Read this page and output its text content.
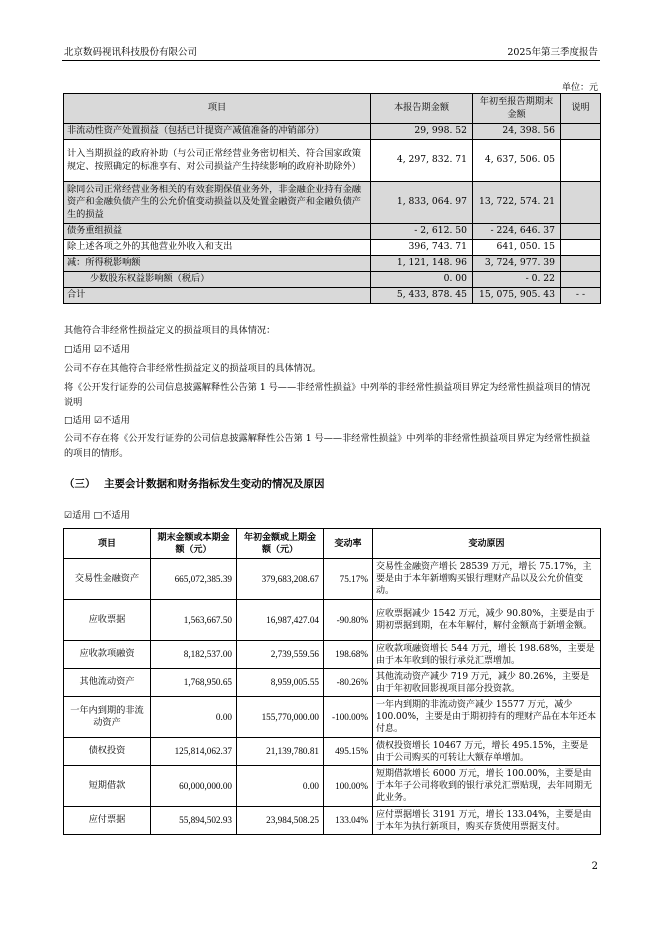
北京数码视讯科技股份有限公司	2025年第三季度报告
单位：元
项目	本报告期金额	年初至报告期期末金额	说明
非流动性资产处置损益（包括已计提资产减值准备的冲销部分）	29, 998. 52	24, 398. 56	
计入当期损益的政府补助（与公司正常经营业务密切相关、符合国家政策规定、按照确定的标准享有、对公司损益产生持续影响的政府补助除外）	4, 297, 832. 71	4, 637, 506. 05	
除同公司正常经营业务相关的有效套期保值业务外，非金融企业持有金融资产和金融负债产生的公允价值变动损益以及处置金融资产和金融负债产生的损益	1, 833, 064. 97	13, 722, 574. 21	
债务重组损益	- 2, 612. 50	- 224, 646. 37	
除上述各项之外的其他营业外收入和支出	396, 743. 71	641, 050. 15	
减：所得税影响额	1, 121, 148. 96	3, 724, 977. 39	
少数股东权益影响额（税后）	0. 00	- 0. 22	
合计	5, 433, 878. 45	15, 075, 905. 43	- -
其他符合非经常性损益定义的损益项目的具体情况：
□适用 ☑不适用
公司不存在其他符合非经常性损益定义的损益项目的具体情况。
将《公开发行证券的公司信息披露解释性公告第 1 号——非经常性损益》中列举的非经常性损益项目界定为经常性损益项目的情况说明
□适用 ☑不适用
公司不存在将《公开发行证券的公司信息披露解释性公告第 1 号——非经常性损益》中列举的非经常性损益项目界定为经常性损益的项目的情形。
（三） 主要会计数据和财务指标发生变动的情况及原因
☑适用 □不适用
项目	期末金额或本期金额（元）	年初金额或上期金额（元）	变动率	变动原因
交易性金融资产	665,072,385.39	379,683,208.67	75.17%	交易性金融资产增长 28539 万元，增长 75.17%，主要是由于本年新增购买银行理财产品以及公允价值变动。
应收票据	1,563,667.50	16,987,427.04	-90.80%	应收票据减少 1542 万元，减少 90.80%，主要是由于期初票据到期，在本年解付，解付金额高于新增金额。
应收款项融资	8,182,537.00	2,739,559.56	198.68%	应收款项融资增长 544 万元，增长 198.68%，主要是由于本年收到的银行承兑汇票增加。
其他流动资产	1,768,950.65	8,959,005.55	-80.26%	其他流动资产减少 719 万元，减少 80.26%，主要是由于年初收回影视项目部分投资款。
一年内到期的非流动资产	0.00	155,770,000.00	-100.00%	一年内到期的非流动资产减少 15577 万元，减少 100.00%，主要是由于期初持有的理财产品在本年还本付息。
债权投资	125,814,062.37	21,139,780.81	495.15%	债权投资增长 10467 万元，增长 495.15%，主要是由于公司购买的可转让大额存单增加。
短期借款	60,000,000.00	0.00	100.00%	短期借款增长 6000 万元，增长 100.00%，主要是由于本年子公司将收到的银行承兑汇票贴现，去年同期无此业务。
应付票据	55,894,502.93	23,984,508.25	133.04%	应付票据增长 3191 万元，增长 133.04%，主要是由于本年为执行新项目，购买存货使用票据支付。
2
